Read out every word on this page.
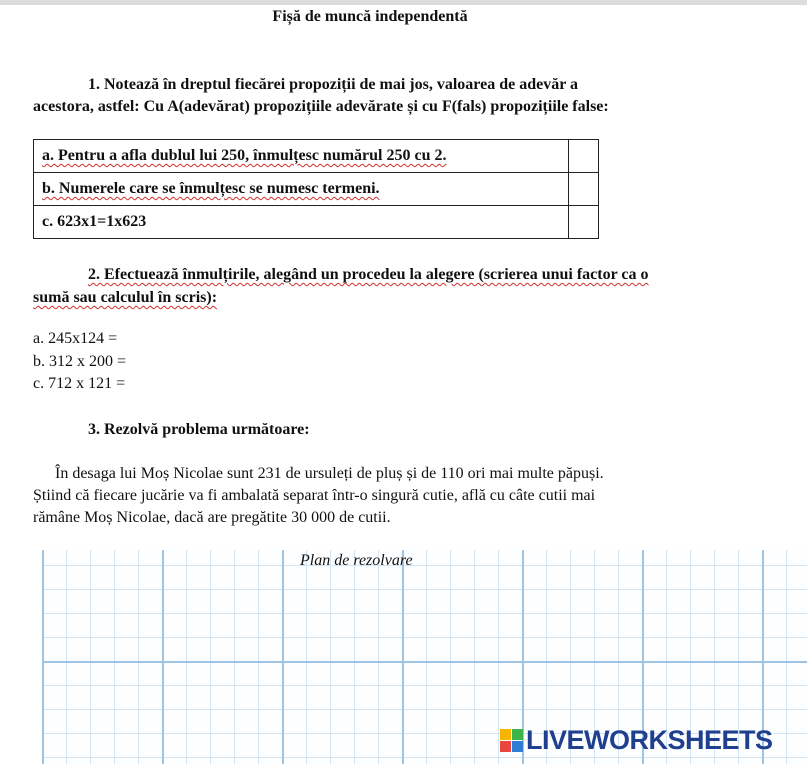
Fișă de muncă independentă
1. Notează în dreptul fiecărei propoziții de mai jos, valoarea de adevăr a
acestora, astfel: Cu A(adevărat) propozițiile adevărate și cu F(fals) propozițiile false:
a. Pentru a afla dublul lui 250, înmulțesc numărul 250 cu 2.	

b. Numerele care se înmulțesc se numesc termeni.	

c. 623x1=1x623	
2. Efectuează înmulțirile, alegând un procedeu la alegere (scrierea unui factor ca o
sumă sau calculul în scris):
a. 245x124 =
b. 312 x 200 =
c. 712 x 121 =
3. Rezolvă problema următoare:
În desaga lui Moș Nicolae sunt 231 de ursuleți de pluș și de 110 ori mai multe păpuși.
Știind că fiecare jucărie va fi ambalată separat într-o singură cutie, află cu câte cutii mai
rămâne Moș Nicolae, dacă are pregătite 30 000 de cutii.
Plan de rezolvare
LIVEWORKSHEETS
